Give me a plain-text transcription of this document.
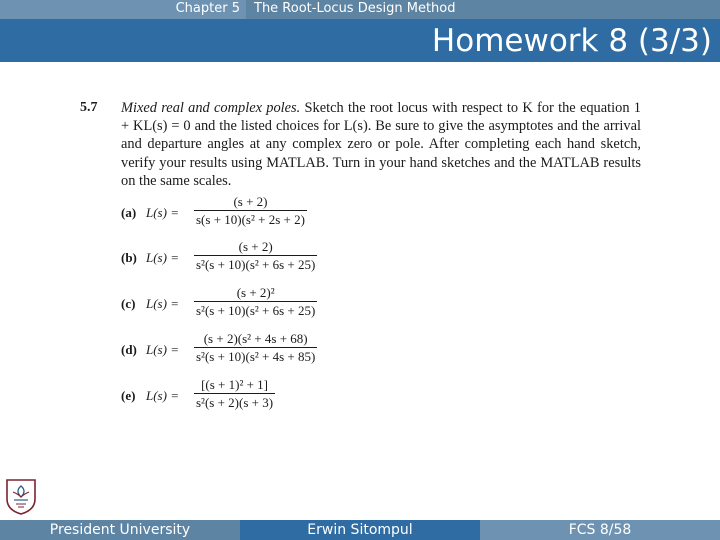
Chapter 5	The Root-Locus Design Method
Homework 8 (3/3)
5.7 Mixed real and complex poles. Sketch the root locus with respect to K for the equation 1 + KL(s) = 0 and the listed choices for L(s). Be sure to give the asymptotes and the arrival and departure angles at any complex zero or pole. After completing each hand sketch, verify your results using MATLAB. Turn in your hand sketches and the MATLAB results on the same scales.
(a) $L(s) = \frac{(s + 2)}{\text{s(s + 10)(s² + 2s + 2)}}$
(b) $L(s) = \frac{(s + 2)}{\text{s²(s + 10)(s² + 6s + 25)}}$
(c) $L(s) = \frac{\text{(s + 2)²}}{\text{s²(s + 10)(s² + 6s + 25)}}$
(d) $L(s) = \frac{\text{(s + 2)(s² + 4s + 68)}}{\text{s²(s + 10)(s² + 4s + 85)}}$
(e) $L(s) = \frac{\text{[(s + 1)² + 1]}}{\text{s²(s + 2)(s + 3)}}$
President University	Erwin Sitompul	FCS 8/58
